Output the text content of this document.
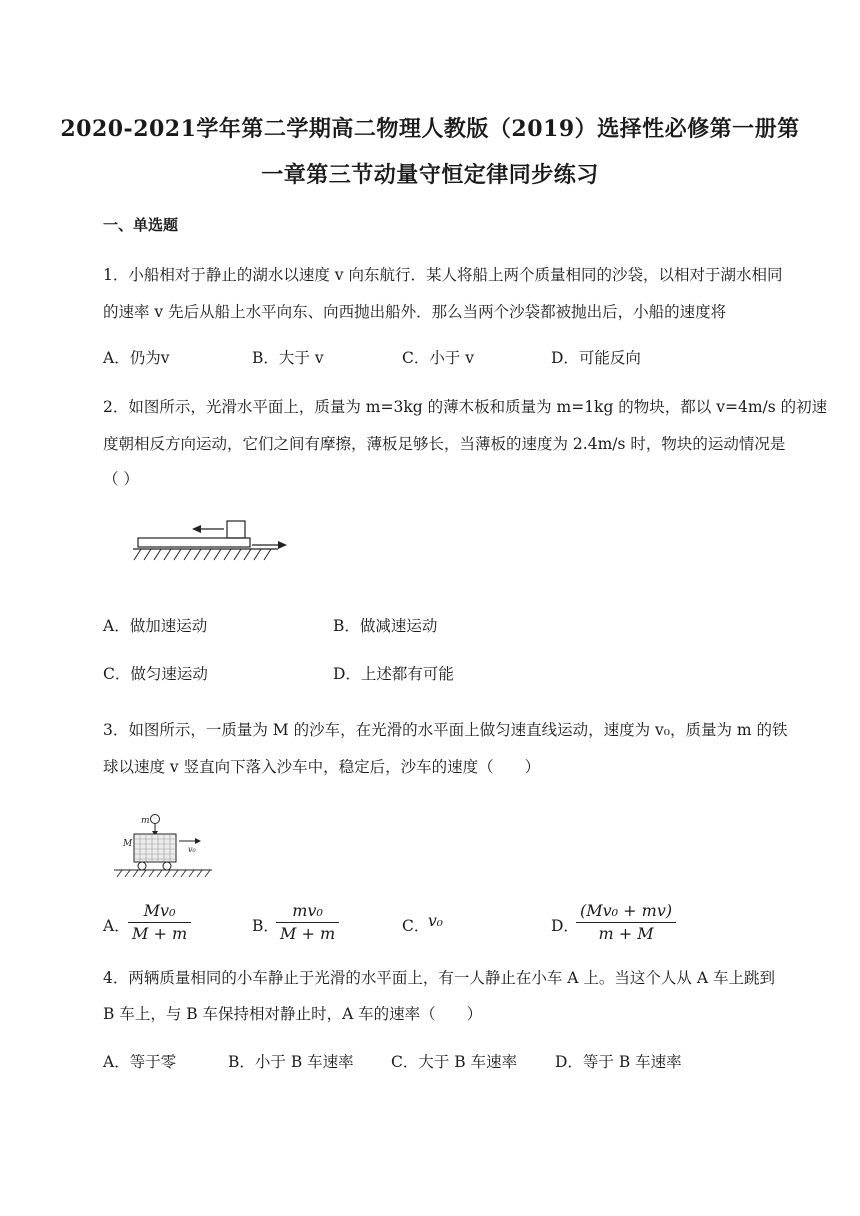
2020-2021学年第二学期高二物理人教版（2019）选择性必修第一册第
一章第三节动量守恒定律同步练习
一、单选题
1．小船相对于静止的湖水以速度 v 向东航行．某人将船上两个质量相同的沙袋，以相对于湖水相同
的速率 v 先后从船上水平向东、向西抛出船外．那么当两个沙袋都被抛出后，小船的速度将
A．仍为v	B．大于 v	C．小于 v	D．可能反向
2．如图所示，光滑水平面上，质量为 m=3kg 的薄木板和质量为 m=1kg 的物块，都以 v=4m/s 的初速
度朝相反方向运动，它们之间有摩擦，薄板足够长，当薄板的速度为 2.4m/s 时，物块的运动情况是
（ ）
A．做加速运动	B．做减速运动
C．做匀速运动	D．上述都有可能
3．如图所示，一质量为 M 的沙车，在光滑的水平面上做匀速直线运动，速度为 v₀，质量为 m 的铁
球以速度 v 竖直向下落入沙车中，稳定后，沙车的速度（　　）
m
M
v₀
A．
$\frac{\text{Mv₀}}{M + m}$	B．
$\frac{\text{mv₀}}{M + m}$	C．
v₀	D．
$\frac{\text{(Mv₀ + mv)}}{m + M}$
4．两辆质量相同的小车静止于光滑的水平面上，有一人静止在小车 A 上。当这个人从 A 车上跳到
B 车上，与 B 车保持相对静止时，A 车的速率（　　）
A．等于零	B．小于 B 车速率 C．大于 B 车速率 D．等于 B 车速率
